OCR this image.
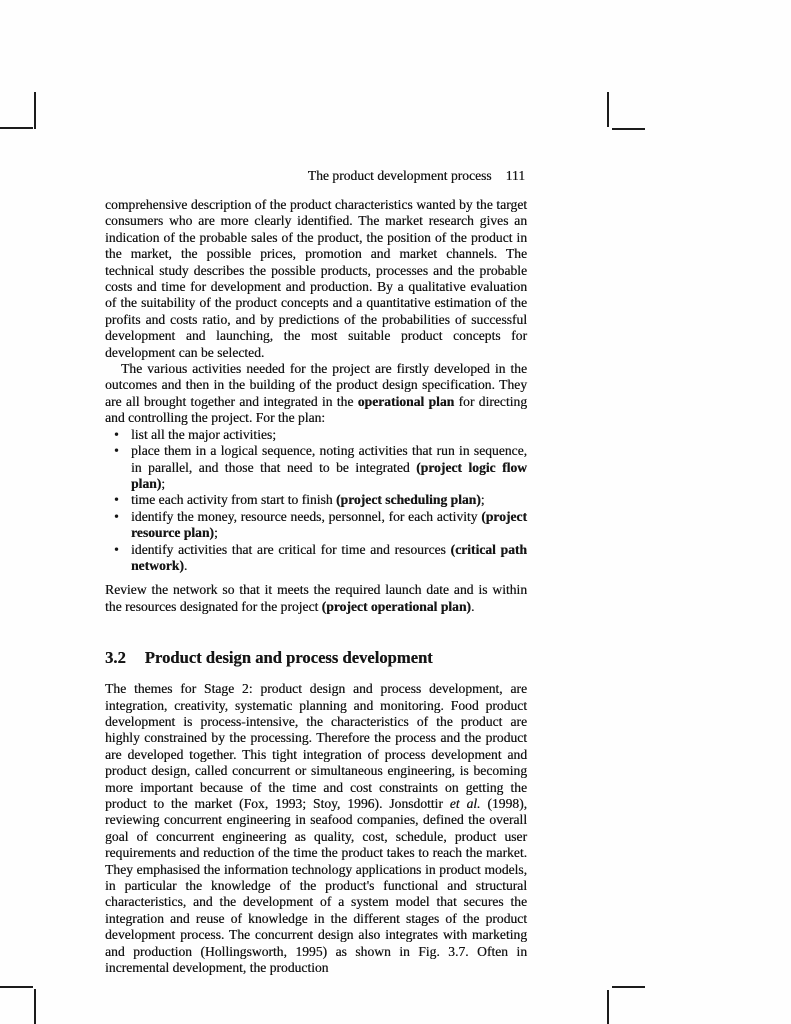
The product development process 111

comprehensive description of the product characteristics wanted by the target consumers who are more clearly identified. The market research gives an indication of the probable sales of the product, the position of the product in the market, the possible prices, promotion and market channels. The technical study describes the possible products, processes and the probable costs and time for development and production. By a qualitative evaluation of the suitability of the product concepts and a quantitative estimation of the profits and costs ratio, and by predictions of the probabilities of successful development and launching, the most suitable product concepts for development can be selected.

The various activities needed for the project are firstly developed in the outcomes and then in the building of the product design specification. They are all brought together and integrated in the operational plan for directing and controlling the project. For the plan:

• list all the major activities;
• place them in a logical sequence, noting activities that run in sequence, in parallel, and those that need to be integrated (project logic flow plan);
• time each activity from start to finish (project scheduling plan);
• identify the money, resource needs, personnel, for each activity (project resource plan);
• identify activities that are critical for time and resources (critical path network).

Review the network so that it meets the required launch date and is within the resources designated for the project (project operational plan).

3.2 Product design and process development

The themes for Stage 2: product design and process development, are integration, creativity, systematic planning and monitoring. Food product development is process-intensive, the characteristics of the product are highly constrained by the processing. Therefore the process and the product are developed together. This tight integration of process development and product design, called concurrent or simultaneous engineering, is becoming more important because of the time and cost constraints on getting the product to the market (Fox, 1993; Stoy, 1996). Jonsdottir et al. (1998), reviewing concurrent engineering in seafood companies, defined the overall goal of concurrent engineering as quality, cost, schedule, product user requirements and reduction of the time the product takes to reach the market. They emphasised the information technology applications in product models, in particular the knowledge of the product's functional and structural characteristics, and the development of a system model that secures the integration and reuse of knowledge in the different stages of the product development process. The concurrent design also integrates with marketing and production (Hollingsworth, 1995) as shown in Fig. 3.7. Often in incremental development, the production
